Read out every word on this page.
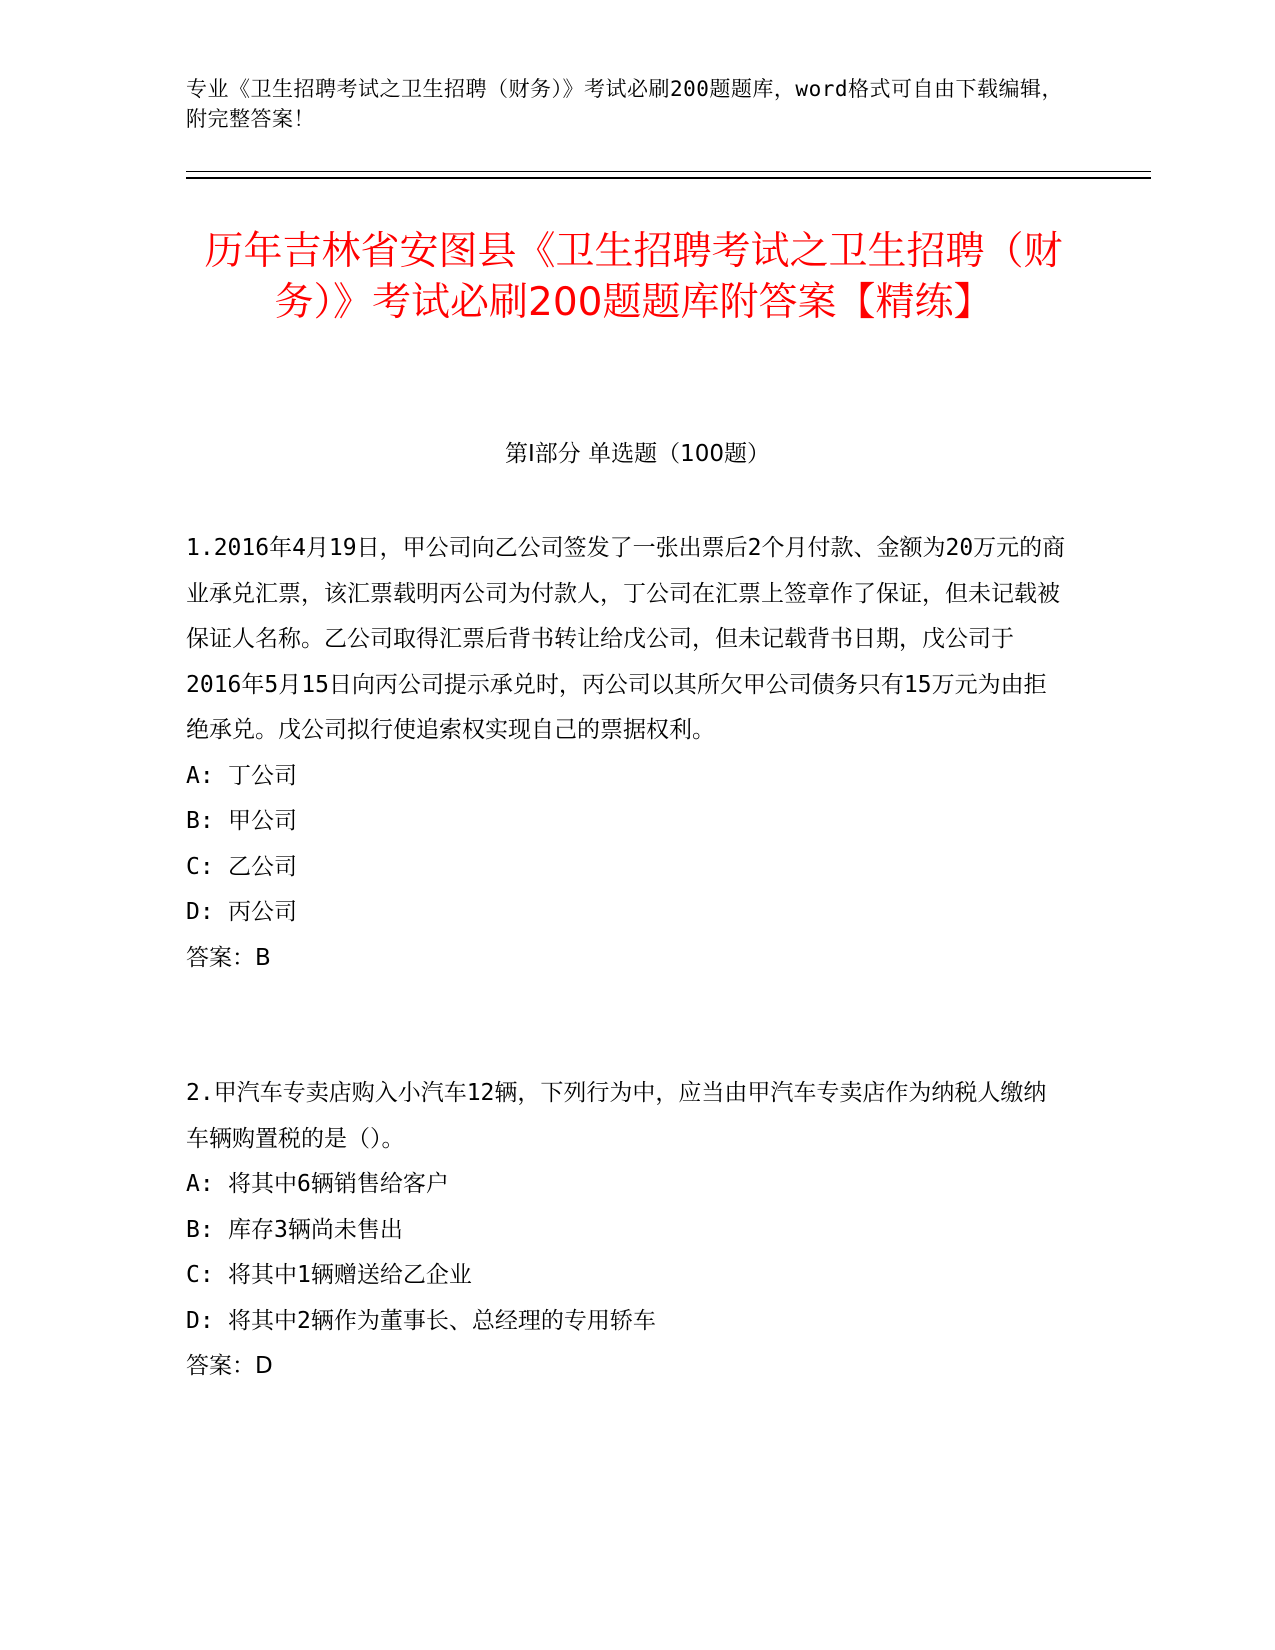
专业《卫生招聘考试之卫生招聘（财务）》考试必刷200题题库，word格式可自由下载编辑，附完整答案！
历年吉林省安图县《卫生招聘考试之卫生招聘（财务）》考试必刷200题题库附答案【精练】
第I部分 单选题（100题）

1.2016年4月19日，甲公司向乙公司签发了一张出票后2个月付款、金额为20万元的商业承兑汇票，该汇票载明丙公司为付款人，丁公司在汇票上签章作了保证，但未记载被保证人名称。乙公司取得汇票后背书转让给戊公司，但未记载背书日期，戊公司于2016年5月15日向丙公司提示承兑时，丙公司以其所欠甲公司债务只有15万元为由拒绝承兑。戊公司拟行使追索权实现自己的票据权利。

A: 丁公司

B: 甲公司

C: 乙公司

D: 丙公司

答案：B

2.甲汽车专卖店购入小汽车12辆，下列行为中，应当由甲汽车专卖店作为纳税人缴纳车辆购置税的是（）。

A: 将其中6辆销售给客户

B: 库存3辆尚未售出

C: 将其中1辆赠送给乙企业

D: 将其中2辆作为董事长、总经理的专用轿车

答案：D
